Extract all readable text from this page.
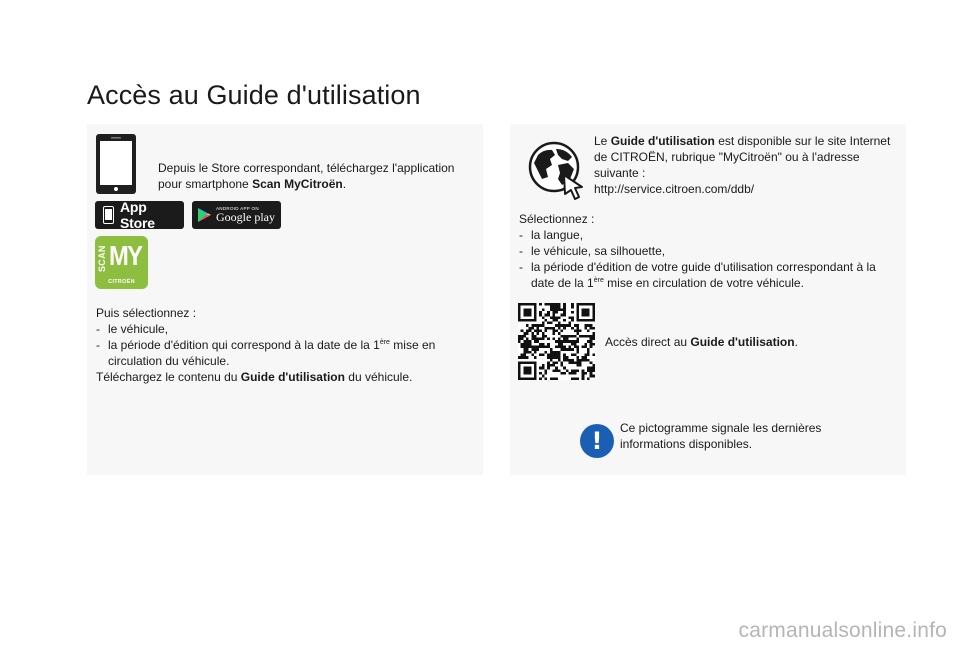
Accès au Guide d'utilisation
Depuis le Store correspondant, téléchargez l'application pour smartphone Scan MyCitroën.
App Store
ANDROID APP ON
Google play
SCAN MY
CITROËN
Puis sélectionnez :
- le véhicule,
- la période d'édition qui correspond à la date de la 1ère mise en circulation du véhicule.
Téléchargez le contenu du Guide d'utilisation du véhicule.
Le Guide d'utilisation est disponible sur le site Internet de CITROËN, rubrique "MyCitroën" ou à l'adresse suivante :
http://service.citroen.com/ddb/
Sélectionnez :
- la langue,
- le véhicule, sa silhouette,
- la période d'édition de votre guide d'utilisation correspondant à la date de la 1ère mise en circulation de votre véhicule.
Accès direct au Guide d'utilisation.
! Ce pictogramme signale les dernières informations disponibles.
carmanualsonline.info
